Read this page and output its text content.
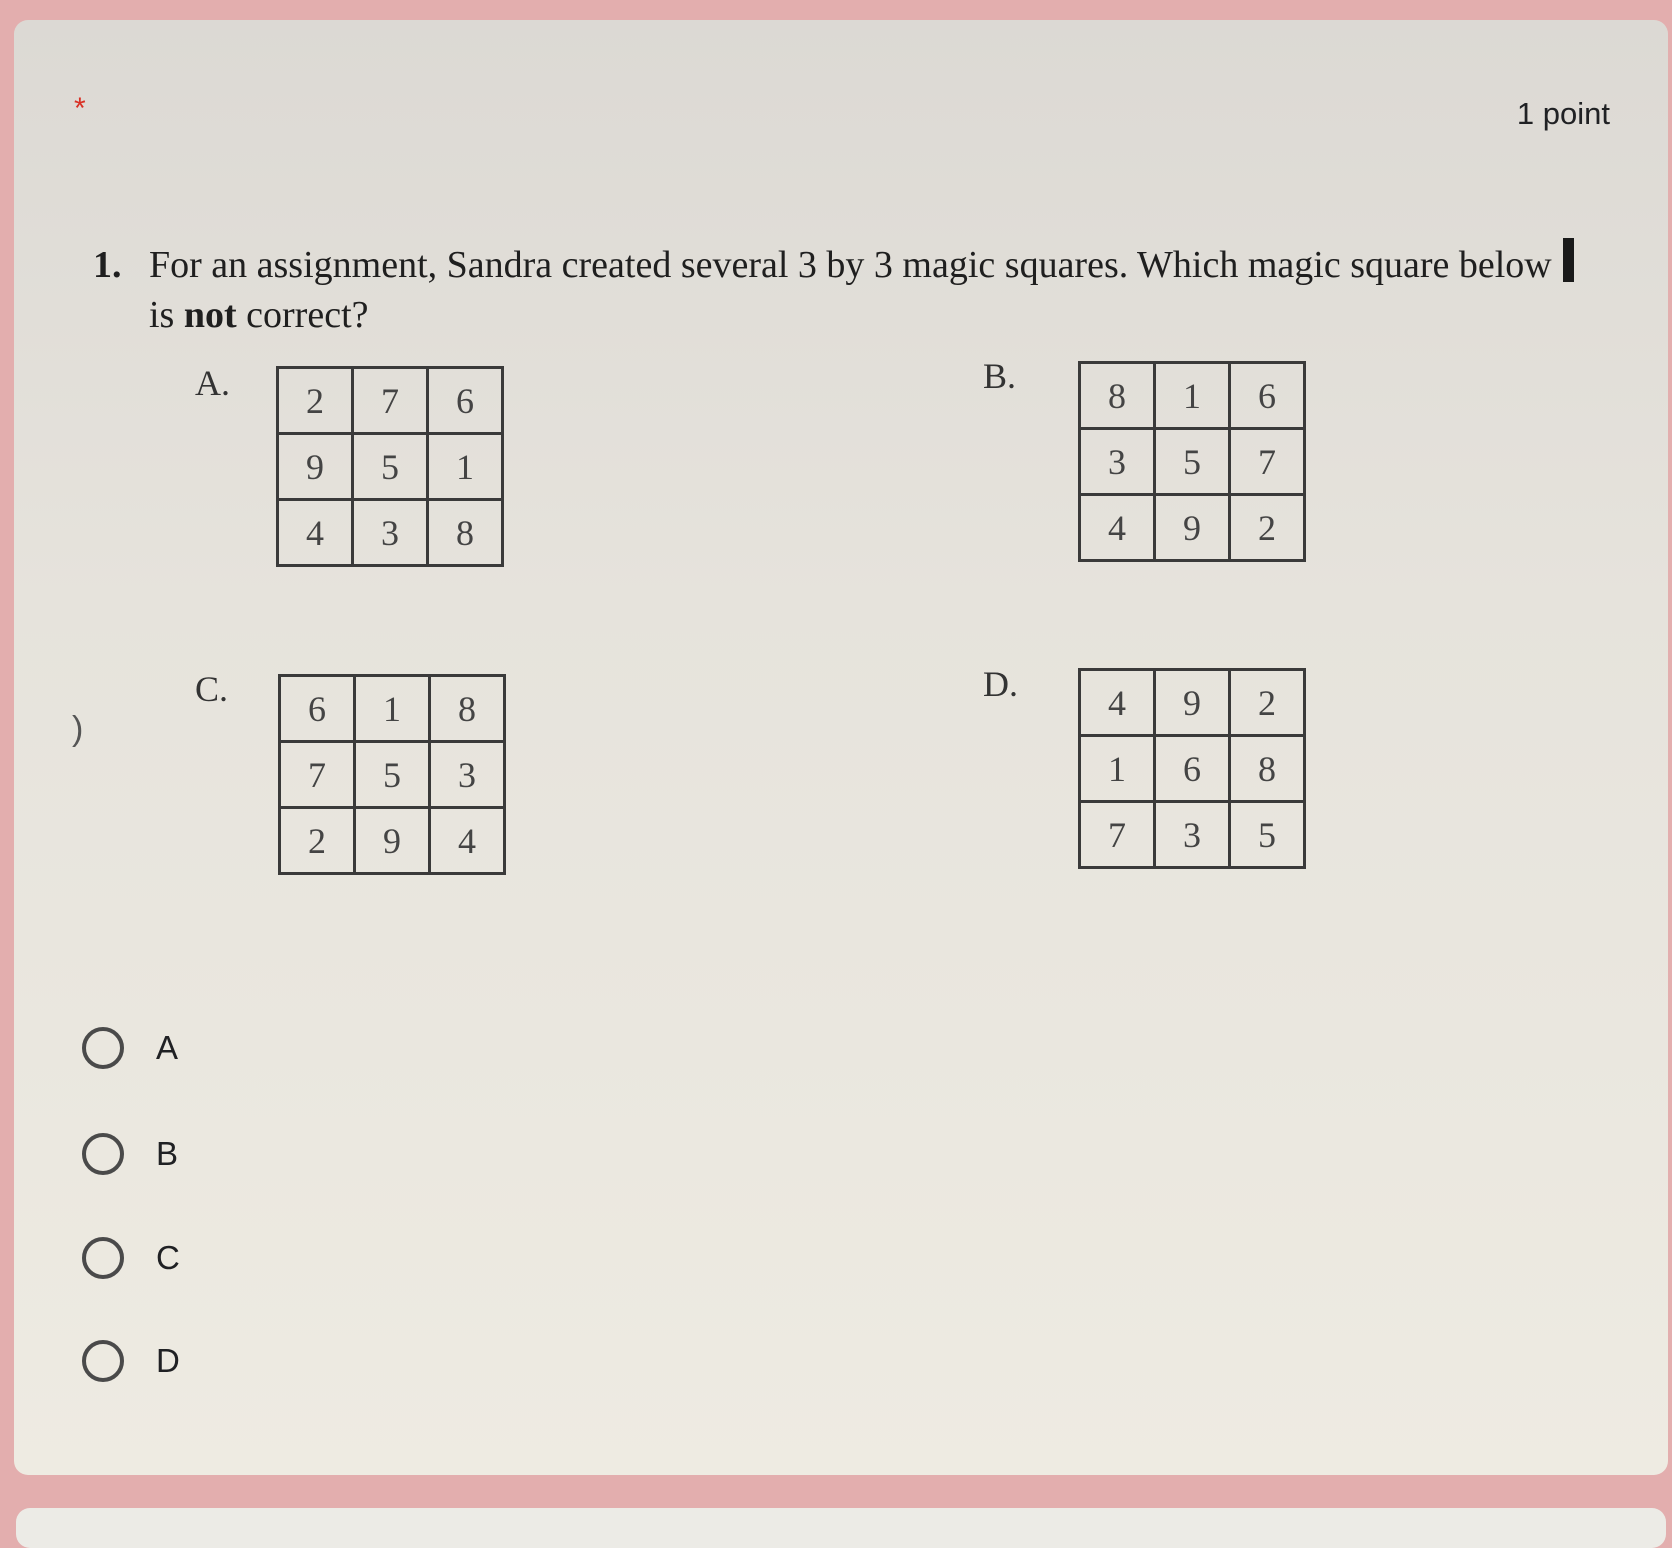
*	1 point
1. For an assignment, Sandra created several 3 by 3 magic squares. Which magic square below
is not correct?
)
A. 2	7	6
9	5	1
4	3	8
B.	8	1	6
3	5	7
4	9	2
C. 6	1	8
7	5	3
2	9	4
D.	4	9	2
1	6	8
7	3	5
A
B
C
D
